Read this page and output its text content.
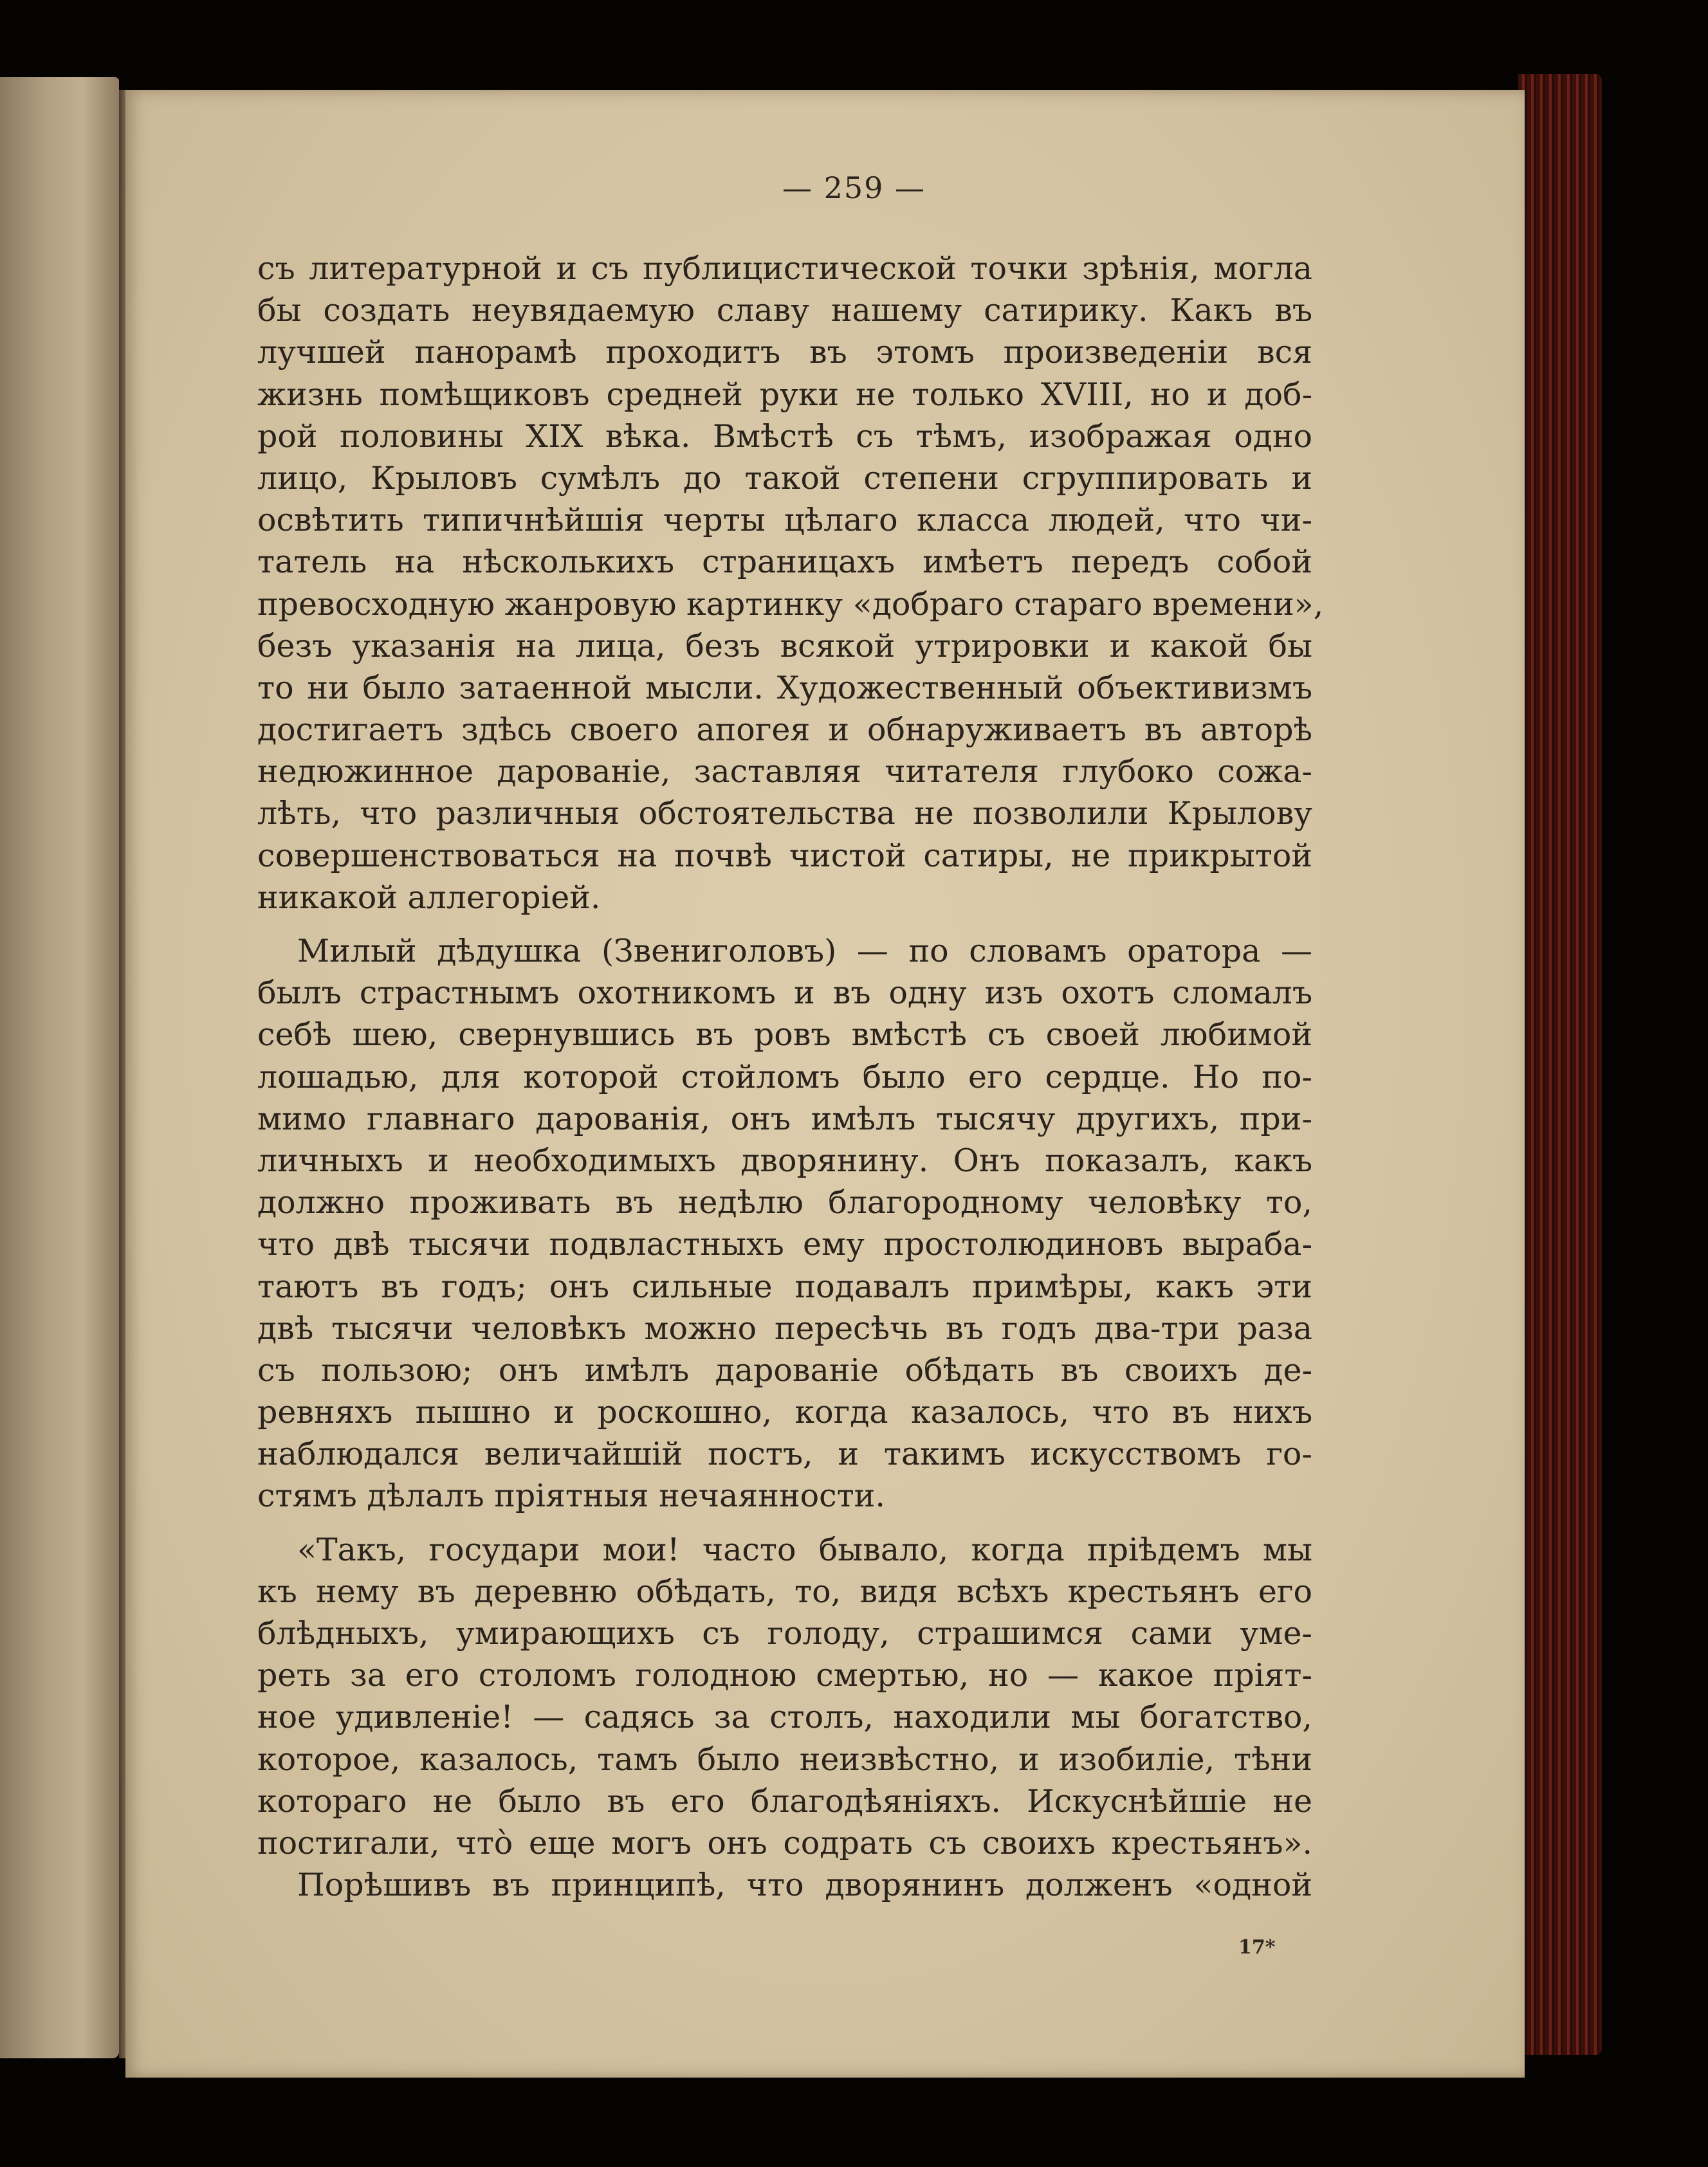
— 259 —
съ литературной и съ публицистической точки зрѣнія, могла
бы создать неувядаемую славу нашему сатирику. Какъ въ
лучшей панорамѣ проходитъ въ этомъ произведеніи вся
жизнь помѣщиковъ средней руки не только XVIII, но и доб-
рой половины XIX вѣка. Вмѣстѣ съ тѣмъ, изображая одно
лицо, Крыловъ сумѣлъ до такой степени сгруппировать и
освѣтить типичнѣйшія черты цѣлаго класса людей, что чи-
татель на нѣсколькихъ страницахъ имѣетъ передъ собой
превосходную жанровую картинку «добраго стараго времени»,
безъ указанія на лица, безъ всякой утрировки и какой бы
то ни было затаенной мысли. Художественный объективизмъ
достигаетъ здѣсь своего апогея и обнаруживаетъ въ авторѣ
недюжинное дарованіе, заставляя читателя глубоко сожа-
лѣть, что различныя обстоятельства не позволили Крылову
совершенствоваться на почвѣ чистой сатиры, не прикрытой
никакой аллегоріей.
Милый дѣдушка (Звениголовъ) — по словамъ оратора —
былъ страстнымъ охотникомъ и въ одну изъ охотъ сломалъ
себѣ шею, свернувшись въ ровъ вмѣстѣ съ своей любимой
лошадью, для которой стойломъ было его сердце. Но по-
мимо главнаго дарованія, онъ имѣлъ тысячу другихъ, при-
личныхъ и необходимыхъ дворянину. Онъ показалъ, какъ
должно проживать въ недѣлю благородному человѣку то,
что двѣ тысячи подвластныхъ ему простолюдиновъ выраба-
таютъ въ годъ; онъ сильные подавалъ примѣры, какъ эти
двѣ тысячи человѣкъ можно пересѣчь въ годъ два-три раза
съ пользою; онъ имѣлъ дарованіе обѣдать въ своихъ де-
ревняхъ пышно и роскошно, когда казалось, что въ нихъ
наблюдался величайшій постъ, и такимъ искусствомъ го-
стямъ дѣлалъ пріятныя нечаянности.
«Такъ, государи мои! часто бывало, когда пріѣдемъ мы
къ нему въ деревню обѣдать, то, видя всѣхъ крестьянъ его
блѣдныхъ, умирающихъ съ голоду, страшимся сами уме-
реть за его столомъ голодною смертью, но — какое пріят-
ное удивленіе! — садясь за столъ, находили мы богатство,
которое, казалось, тамъ было неизвѣстно, и изобиліе, тѣни
котораго не было въ его благодѣяніяхъ. Искуснѣйшіе не
постигали, что̀ еще могъ онъ содрать съ своихъ крестьянъ».
Порѣшивъ въ принципѣ, что дворянинъ долженъ «одной
17*
